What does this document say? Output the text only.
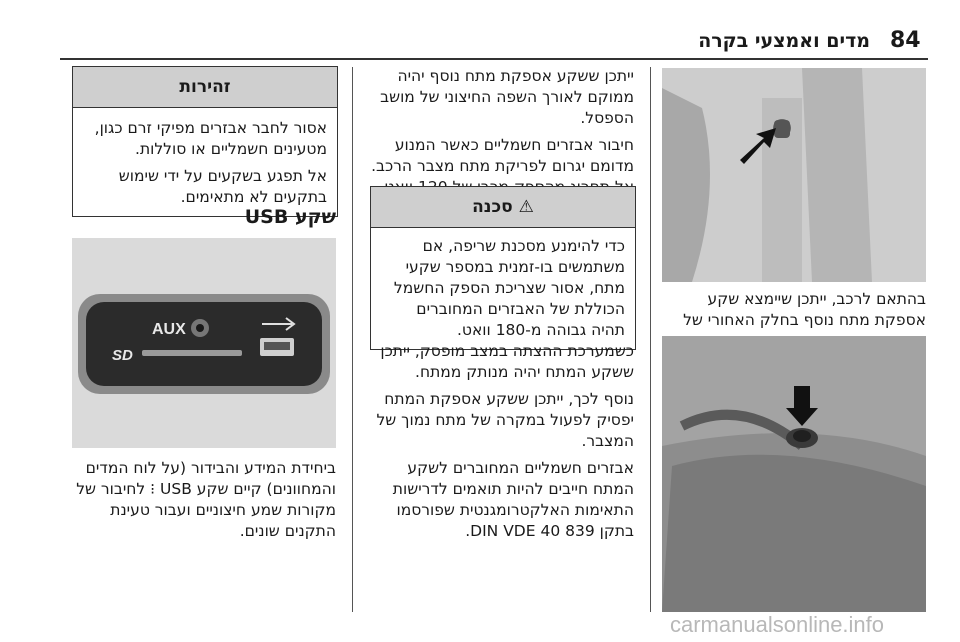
84
מדים ואמצעי בקרה

בהתאם לרכב, ייתכן שיימצא שקע אספקת מתח נוסף בחלק האחורי של

ייתכן ששקע אספקת מתח נוסף יהיה ממוקם לאורך השפה החיצוני של מושב הספסל.

חיבור אבזרים חשמליים כאשר המנוע מדומם יגרום לפריקת מתח מצבר הרכב.

⚠
סכנה

כדי להימנע מסכנת שריפה, אם משתמשים בו-זמנית במספר שקעי מתח, אסור שצריכת הספק החשמל הכוללת של האבזרים המחוברים תהיה גבוהה מ-180 וואט.

כשמערכת ההצתה במצב מופסק, ייתכן ששקע המתח יהיה מנותק ממתח.

נוסף לכך, ייתכן ששקע אספקת המתח יפסיק לפעול במקרה של מתח נמוך של המצבר.

אבזרים חשמליים המחוברים לשקע המתח חייבים להיות תואמים לדרישות התאימות האלקטרומגנטית שפורסמו בתקן DIN VDE 40 839.

זהירות

אסור לחבר אבזרים מפיקי זרם כגון, מטעינים חשמליים או סוללות.

אל תפגע בשקעים על ידי שימוש בתקעים לא מתאימים.

שקע USB
AUX
SD

ביחידת המידע והבידור (על לוח המדים והמחוונים) קיים שקע USB ⁝ לחיבור של מקורות שמע חיצוניים ועבור טעינת התקנים שונים.

carmanualsonline.info
